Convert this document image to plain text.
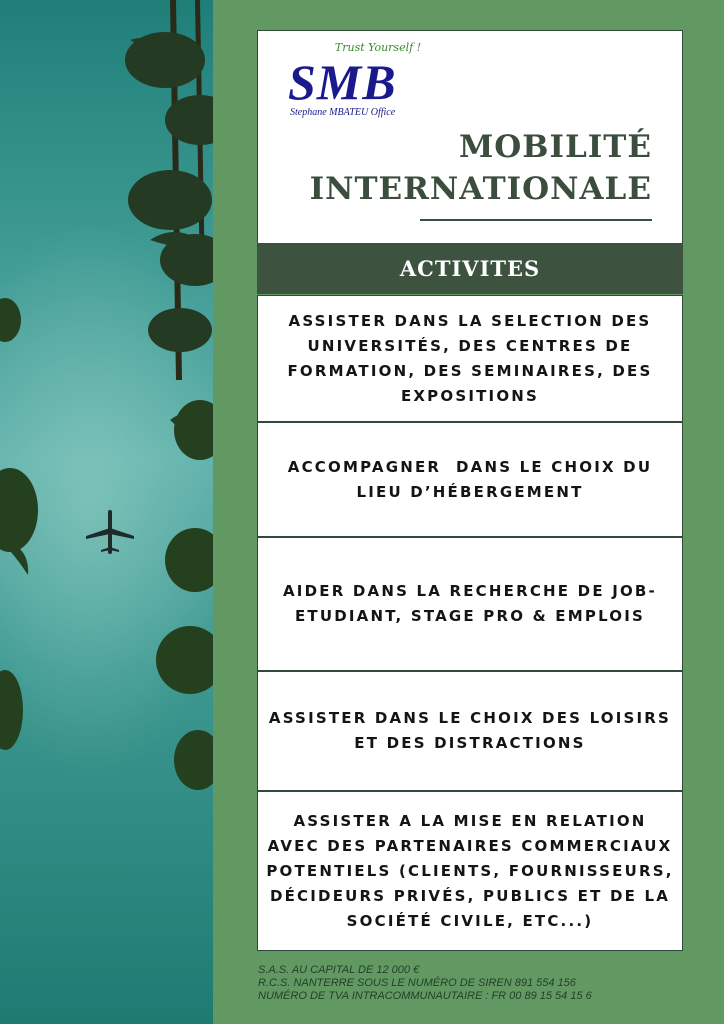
Trust Yourself !
SMB
Stephane MBATEU Office
MOBILITÉ
INTERNATIONALE
ACTIVITES
ASSISTER DANS LA SELECTION DES UNIVERSITÉS, DES CENTRES DE FORMATION, DES SEMINAIRES, DES EXPOSITIONS
ACCOMPAGNER  DANS LE CHOIX DU LIEU D’HÉBERGEMENT
AIDER DANS LA RECHERCHE DE JOB-ETUDIANT, STAGE PRO & EMPLOIS
ASSISTER DANS LE CHOIX DES LOISIRS ET DES DISTRACTIONS
ASSISTER A LA MISE EN RELATION AVEC DES PARTENAIRES COMMERCIAUX POTENTIELS (CLIENTS, FOURNISSEURS, DÉCIDEURS PRIVÉS, PUBLICS ET DE LA SOCIÉTÉ CIVILE, ETC...)
S.A.S. AU CAPITAL DE 12 000 €
R.C.S. NANTERRE SOUS LE NUMÉRO DE SIREN 891 554 156
NUMÉRO DE TVA INTRACOMMUNAUTAIRE : FR 00 89 15 54 15 6
